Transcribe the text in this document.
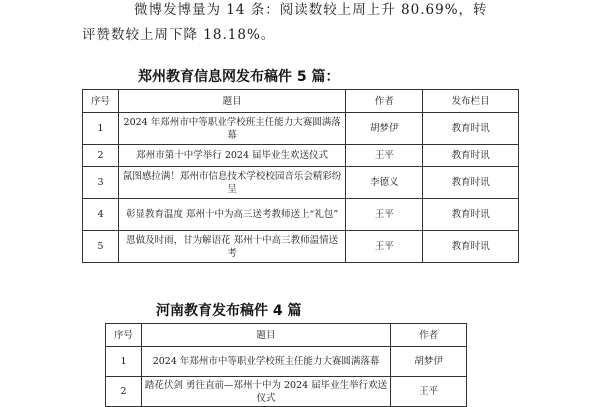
微博发博量为 14 条：阅读数较上周上升 80.69%，转
评赞数较上周下降 18.18%。
郑州教育信息网发布稿件 5 篇：
序号	题目	作者	发布栏目
1	2024 年郑州市中等职业学校班主任能力大赛圆满落幕	胡梦伊	教育时讯
2	郑州市第十中学举行 2024 届毕业生欢送仪式	王平	教育时讯
3	氤图感拉满！郑州市信息技术学校校园音乐会精彩纷呈	李德义	教育时讯
4	彰显教育温度 郑州十中为高三送考教师送上“礼包”	王平	教育时讯
5	恩做及时雨，甘为解语花 郑州十中高三教师温情送考	王平	教育时讯
河南教育发布稿件 4 篇
序号	题目	作者
1	2024 年郑州市中等职业学校班主任能力大赛圆满落幕	胡梦伊
2	踏花伏剑 勇往直前—郑州十中为 2024 届毕业生举行欢送仪式	王平
